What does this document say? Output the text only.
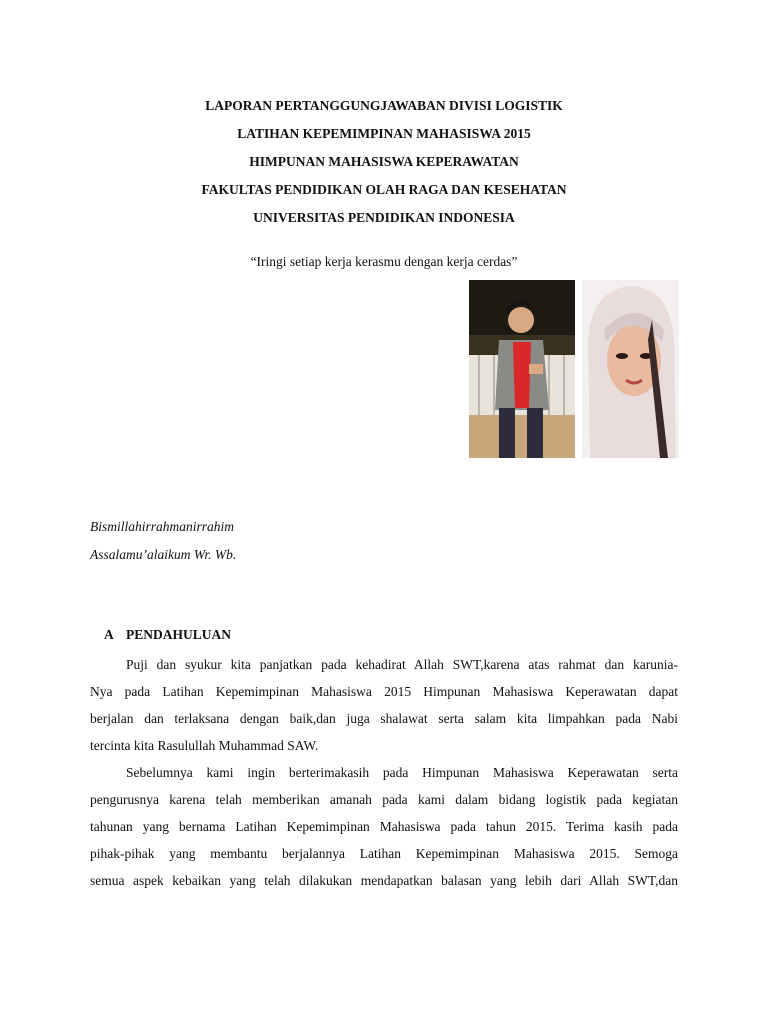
LAPORAN PERTANGGUNGJAWABAN DIVISI LOGISTIK
LATIHAN KEPEMIMPINAN MAHASISWA 2015
HIMPUNAN MAHASISWA KEPERAWATAN
FAKULTAS PENDIDIKAN OLAH RAGA DAN KESEHATAN
UNIVERSITAS PENDIDIKAN INDONESIA
“Iringi setiap kerja kerasmu dengan kerja cerdas”
Bismillahirrahmanirrahim
Assalamu’alaikum Wr. Wb.
A PENDAHULUAN
Puji dan syukur kita panjatkan pada kehadirat Allah SWT,karena atas rahmat dan karunia-
Nya pada Latihan Kepemimpinan Mahasiswa 2015 Himpunan Mahasiswa Keperawatan dapat
berjalan dan terlaksana dengan baik,dan juga shalawat serta salam kita limpahkan pada Nabi
tercinta kita Rasulullah Muhammad SAW.
Sebelumnya kami ingin berterimakasih pada Himpunan Mahasiswa Keperawatan serta
pengurusnya karena telah memberikan amanah pada kami dalam bidang logistik pada kegiatan
tahunan yang bernama Latihan Kepemimpinan Mahasiswa pada tahun 2015. Terima kasih pada
pihak-pihak yang membantu berjalannya Latihan Kepemimpinan Mahasiswa 2015. Semoga
semua aspek kebaikan yang telah dilakukan mendapatkan balasan yang lebih dari Allah SWT,dan
